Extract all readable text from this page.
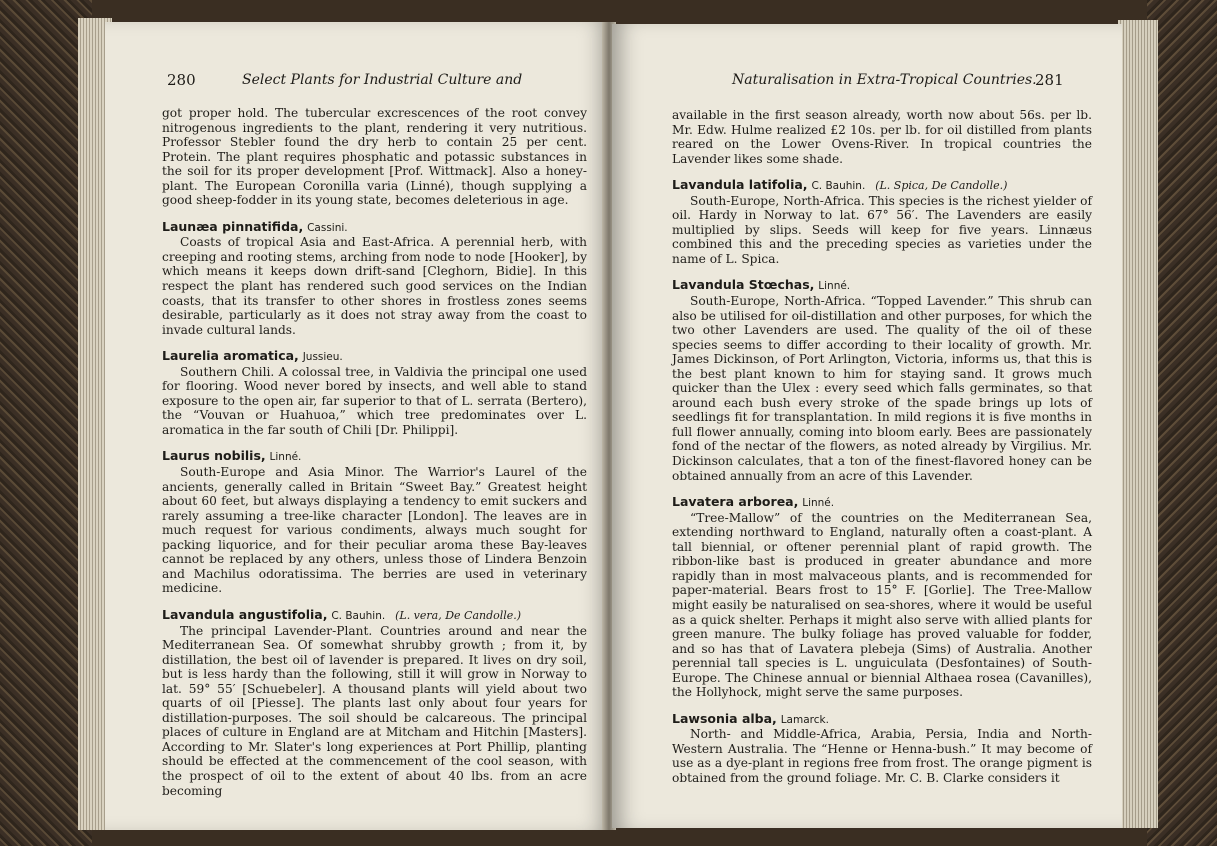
280	Select Plants for Industrial Culture and

got proper hold. The tubercular excrescences of the root convey nitrogenous ingredients to the plant, rendering it very nutritious. Professor Stebler found the dry herb to contain 25 per cent. Protein. The plant requires phosphatic and potassic substances in the soil for its proper development [Prof. Wittmack]. Also a honey-plant. The European Coronilla varia (Linné), though supplying a good sheep-fodder in its young state, becomes deleterious in age.

Launæa pinnatifida, Cassini.

Coasts of tropical Asia and East-Africa. A perennial herb, with creeping and rooting stems, arching from node to node [Hooker], by which means it keeps down drift-sand [Cleghorn, Bidie]. In this respect the plant has rendered such good services on the Indian coasts, that its transfer to other shores in frostless zones seems desirable, particularly as it does not stray away from the coast to invade cultural lands.

Laurelia aromatica, Jussieu.

Southern Chili. A colossal tree, in Valdivia the principal one used for flooring. Wood never bored by insects, and well able to stand exposure to the open air, far superior to that of L. serrata (Bertero), the “Vouvan or Huahuoa,” which tree predominates over L. aromatica in the far south of Chili [Dr. Philippi].

Laurus nobilis, Linné.

South-Europe and Asia Minor. The Warrior's Laurel of the ancients, generally called in Britain “Sweet Bay.” Greatest height about 60 feet, but always displaying a tendency to emit suckers and rarely assuming a tree-like character [London]. The leaves are in much request for various condiments, always much sought for packing liquorice, and for their peculiar aroma these Bay-leaves cannot be replaced by any others, unless those of Lindera Benzoin and Machilus odoratissima. The berries are used in veterinary medicine.

Lavandula angustifolia, C. Bauhin. (L. vera, De Candolle.)

The principal Lavender-Plant. Countries around and near the Mediterranean Sea. Of somewhat shrubby growth ; from it, by distillation, the best oil of lavender is prepared. It lives on dry soil, but is less hardy than the following, still it will grow in Norway to lat. 59° 55′ [Schuebeler]. A thousand plants will yield about two quarts of oil [Piesse]. The plants last only about four years for distillation-purposes. The soil should be calcareous. The principal places of culture in England are at Mitcham and Hitchin [Masters]. According to Mr. Slater's long experiences at Port Phillip, planting should be effected at the commencement of the cool season, with the prospect of oil to the extent of about 40 lbs. from an acre becoming

Naturalisation in Extra-Tropical Countries.
281

available in the first season already, worth now about 56s. per lb. Mr. Edw. Hulme realized £2 10s. per lb. for oil distilled from plants reared on the Lower Ovens-River. In tropical countries the Lavender likes some shade.

Lavandula latifolia, C. Bauhin. (L. Spica, De Candolle.)

South-Europe, North-Africa. This species is the richest yielder of oil. Hardy in Norway to lat. 67° 56′. The Lavenders are easily multiplied by slips. Seeds will keep for five years. Linnæus combined this and the preceding species as varieties under the name of L. Spica.

Lavandula Stœchas, Linné.

South-Europe, North-Africa. “Topped Lavender.” This shrub can also be utilised for oil-distillation and other purposes, for which the two other Lavenders are used. The quality of the oil of these species seems to differ according to their locality of growth. Mr. James Dickinson, of Port Arlington, Victoria, informs us, that this is the best plant known to him for staying sand. It grows much quicker than the Ulex : every seed which falls germinates, so that around each bush every stroke of the spade brings up lots of seedlings fit for transplantation. In mild regions it is five months in full flower annually, coming into bloom early. Bees are passionately fond of the nectar of the flowers, as noted already by Virgilius. Mr. Dickinson calculates, that a ton of the finest-flavored honey can be obtained annually from an acre of this Lavender.

Lavatera arborea, Linné.

“Tree-Mallow” of the countries on the Mediterranean Sea, extending northward to England, naturally often a coast-plant. A tall biennial, or oftener perennial plant of rapid growth. The ribbon-like bast is produced in greater abundance and more rapidly than in most malvaceous plants, and is recommended for paper-material. Bears frost to 15° F. [Gorlie]. The Tree-Mallow might easily be naturalised on sea-shores, where it would be useful as a quick shelter. Perhaps it might also serve with allied plants for green manure. The bulky foliage has proved valuable for fodder, and so has that of Lavatera plebeja (Sims) of Australia. Another perennial tall species is L. unguiculata (Desfontaines) of South-Europe. The Chinese annual or biennial Althaea rosea (Cavanilles), the Hollyhock, might serve the same purposes.

Lawsonia alba, Lamarck.

North- and Middle-Africa, Arabia, Persia, India and North-Western Australia. The “Henne or Henna-bush.” It may become of use as a dye-plant in regions free from frost. The orange pigment is obtained from the ground foliage. Mr. C. B. Clarke considers it
